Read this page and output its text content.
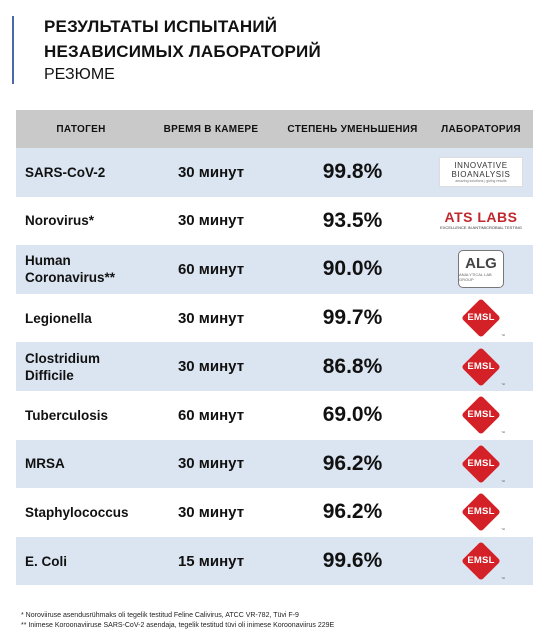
РЕЗУЛЬТАТЫ ИСПЫТАНИЙ
НЕЗАВИСИМЫХ ЛАБОРАТОРИЙ
РЕЗЮМЕ
ПАТОГЕН	ВРЕМЯ В КАМЕРЕ	СТЕПЕНЬ УМЕНЬШЕНИЯ	ЛАБОРАТОРИЯ
SARS-CoV-2	30 минут	99.8%	INNOVATIVE
BIOANALYSIS
amazing solutions | giving results
Norovirus*	30 минут	93.5%	ATS LABS
EXCELLENCE IN ANTIMICROBIAL TESTING
Human Coronavirus**	60 минут	90.0%	ALG
ANALYTICAL LAB GROUP
Legionella	30 минут	99.7%	EMSL
™
Clostridium Difficile	30 минут	86.8%	EMSL
™
Tuberculosis	60 минут	69.0%	EMSL
™
MRSA	30 минут	96.2%	EMSL
™
Staphylococcus	30 минут	96.2%	EMSL
™
E. Coli	15 минут	99.6%	EMSL
™
* Noroviiruse asendusrühmaks oli tegelik testitud Feline Calivirus, ATCC VR-782, Tüvi F-9
** Inimese Koroonaviiruse SARS-CoV-2 asendaja, tegelik testitud tüvi oli inimese Koroonaviirus 229E
